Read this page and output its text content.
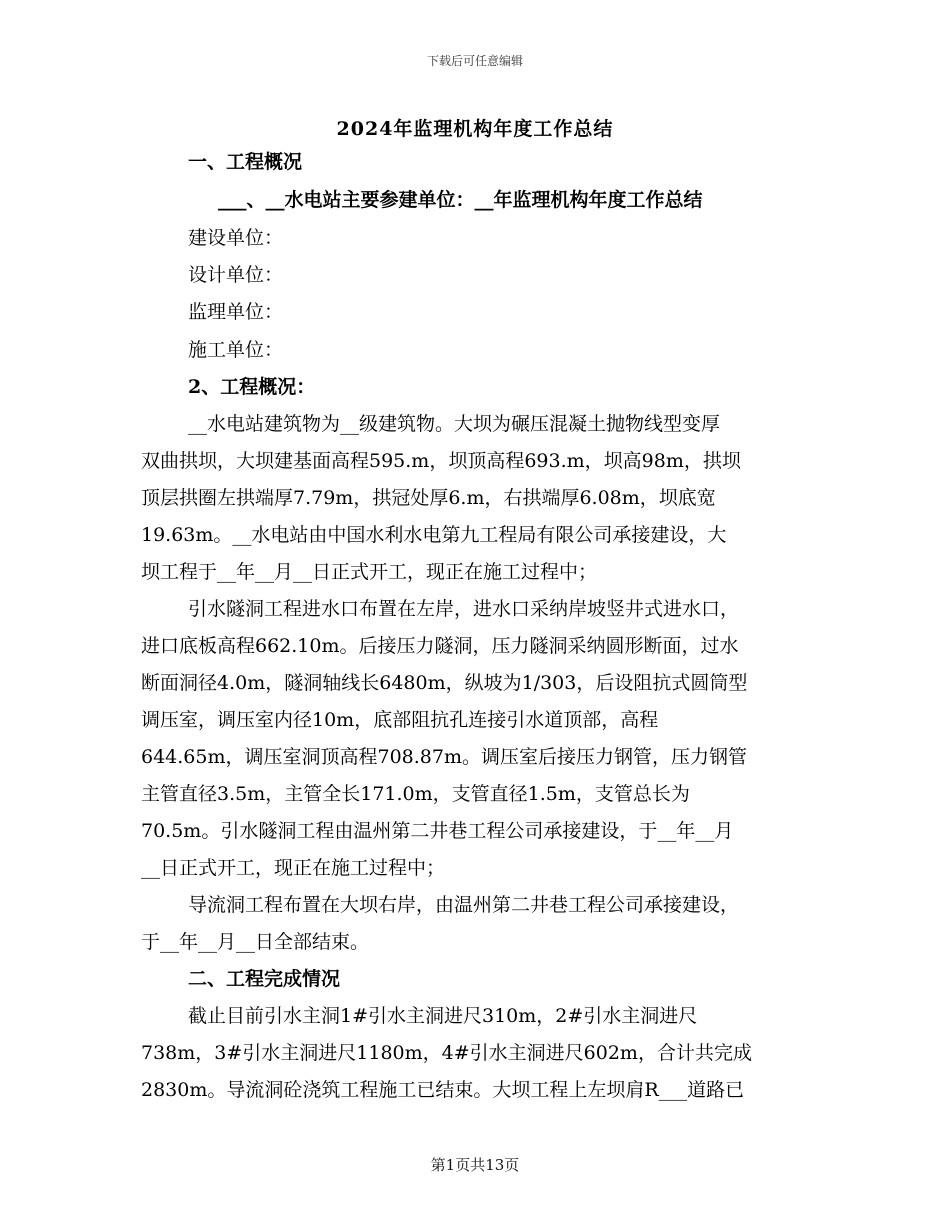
下载后可任意编辑
2024年监理机构年度工作总结
一、工程概况
___、__水电站主要参建单位：__年监理机构年度工作总结
建设单位：
设计单位：
监理单位：
施工单位：
2、工程概况：
__水电站建筑物为__级建筑物。大坝为碾压混凝土抛物线型变厚
双曲拱坝，大坝建基面高程595.m，坝顶高程693.m，坝高98m，拱坝
顶层拱圈左拱端厚7.79m，拱冠处厚6.m，右拱端厚6.08m，坝底宽
19.63m。__水电站由中国水利水电第九工程局有限公司承接建设，大
坝工程于__年__月__日正式开工，现正在施工过程中；
引水隧洞工程进水口布置在左岸，进水口采纳岸坡竖井式进水口，
进口底板高程662.10m。后接压力隧洞，压力隧洞采纳圆形断面，过水
断面洞径4.0m，隧洞轴线长6480m，纵坡为1/303，后设阻抗式圆筒型
调压室，调压室内径10m，底部阻抗孔连接引水道顶部，高程
644.65m，调压室洞顶高程708.87m。调压室后接压力钢管，压力钢管
主管直径3.5m，主管全长171.0m，支管直径1.5m，支管总长为
70.5m。引水隧洞工程由温州第二井巷工程公司承接建设，于__年__月
__日正式开工，现正在施工过程中；
导流洞工程布置在大坝右岸，由温州第二井巷工程公司承接建设，
于__年__月__日全部结束。
二、工程完成情况
截止目前引水主洞1#引水主洞进尺310m，2#引水主洞进尺
738m，3#引水主洞进尺1180m，4#引水主洞进尺602m，合计共完成
2830m。导流洞砼浇筑工程施工已结束。大坝工程上左坝肩R___道路已
第1页共13页
